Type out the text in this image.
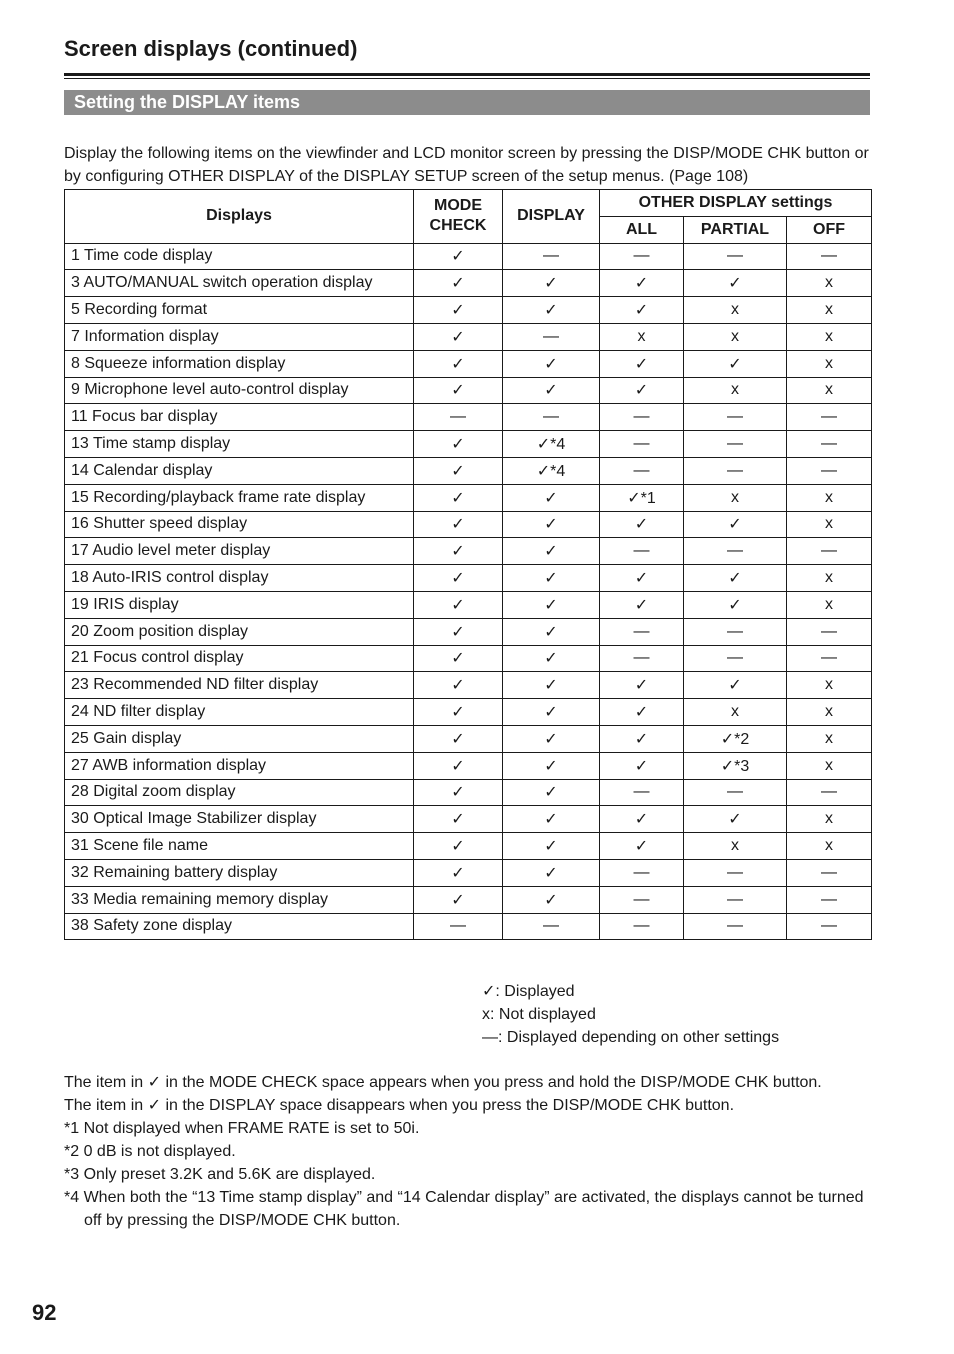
Screen displays (continued)
Setting the DISPLAY items

Display the following items on the viewfinder and LCD monitor screen by pressing the DISP/MODE CHK button or by configuring OTHER DISPLAY of the DISPLAY SETUP screen of the setup menus. (Page 108)

Displays	MODE CHECK	DISPLAY	OTHER DISPLAY settings		
			ALL	PARTIAL	OFF
1 Time code display	✓	—	—	—	—
3 AUTO/MANUAL switch operation display	✓	✓	✓	✓	x
5 Recording format	✓	✓	✓	x	x
7 Information display	✓	—	x	x	x
8 Squeeze information display	✓	✓	✓	✓	x
9 Microphone level auto-control display	✓	✓	✓	x	x
11 Focus bar display	—	—	—	—	—
13 Time stamp display	✓	✓*4	—	—	—
14 Calendar display	✓	✓*4	—	—	—
15 Recording/playback frame rate display	✓	✓	✓*1	x	x
16 Shutter speed display	✓	✓	✓	✓	x
17 Audio level meter display	✓	✓	—	—	—
18 Auto-IRIS control display	✓	✓	✓	✓	x
19 IRIS display	✓	✓	✓	✓	x
20 Zoom position display	✓	✓	—	—	—
21 Focus control display	✓	✓	—	—	—
23 Recommended ND filter display	✓	✓	✓	✓	x
24 ND filter display	✓	✓	✓	x	x
25 Gain display	✓	✓	✓	✓*2	x
27 AWB information display	✓	✓	✓	✓*3	x
28 Digital zoom display	✓	✓	—	—	—
30 Optical Image Stabilizer display	✓	✓	✓	✓	x
31 Scene file name	✓	✓	✓	x	x
32 Remaining battery display	✓	✓	—	—	—
33 Media remaining memory display	✓	✓	—	—	—
38 Safety zone display	—	—	—	—	—
✓: Displayed
x: Not displayed
—: Displayed depending on other settings
The item in ✓ in the MODE CHECK space appears when you press and hold the DISP/MODE CHK button.
The item in ✓ in the DISPLAY space disappears when you press the DISP/MODE CHK button.
*1 Not displayed when FRAME RATE is set to 50i.
*2 0 dB is not displayed.
*3 Only preset 3.2K and 5.6K are displayed.
*4 When both the “13 Time stamp display” and “14 Calendar display” are activated, the displays cannot be turned off by pressing the DISP/MODE CHK button.
92
